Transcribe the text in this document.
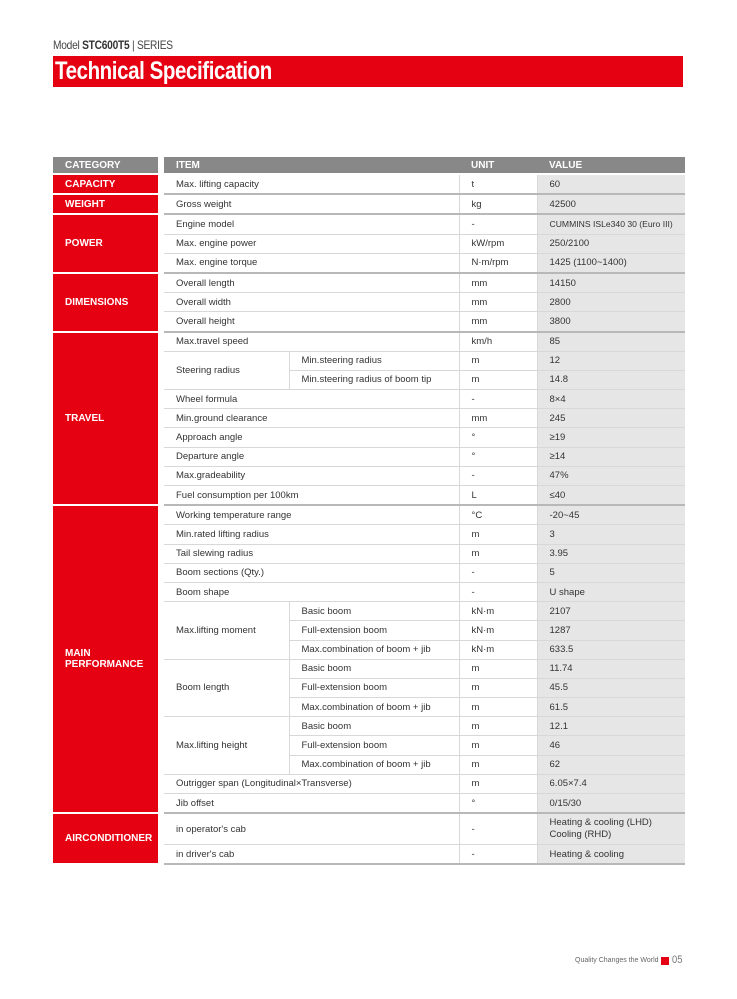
Model STC600T5 | SERIES
Technical Specification
CATEGORY	ITEM		UNIT	VALUE
CAPACITY	Max. lifting capacity		t	60
WEIGHT	Gross weight		kg	42500
POWER	Engine model		-	CUMMINS ISLe340 30 (Euro III)
	Max. engine power		kW/rpm	250/2100
	Max. engine torque		N·m/rpm	1425 (1100~1400)
DIMENSIONS	Overall length		mm	14150
	Overall width		mm	2800
	Overall height		mm	3800
TRAVEL	Max.travel speed		km/h	85
	Steering radius	Min.steering radius	m	12
		Min.steering radius of boom tip	m	14.8
	Wheel formula		-	8×4
	Min.ground clearance		mm	245
	Approach angle		°	≥19
	Departure angle		°	≥14
	Max.gradeability		-	47%
	Fuel consumption per 100km		L	≤40
MAIN PERFORMANCE	Working temperature range		°C	-20~45
	Min.rated lifting radius		m	3
	Tail slewing radius		m	3.95
	Boom sections (Qty.)		-	5
	Boom shape		-	U shape
	Max.lifting moment	Basic boom	kN·m	2107
		Full-extension boom	kN·m	1287
		Max.combination of boom + jib	kN·m	633.5
	Boom length	Basic boom	m	11.74
		Full-extension boom	m	45.5
		Max.combination of boom + jib	m	61.5
	Max.lifting height	Basic boom	m	12.1
		Full-extension boom	m	46
		Max.combination of boom + jib	m	62
	Outrigger span (Longitudinal×Transverse)		m	6.05×7.4
	Jib offset		°	0/15/30
AIRCONDITIONER	in operator's cab		-	Heating & cooling (LHD) Cooling (RHD)
	in driver's cab		-	Heating & cooling
Quality Changes the World 05
